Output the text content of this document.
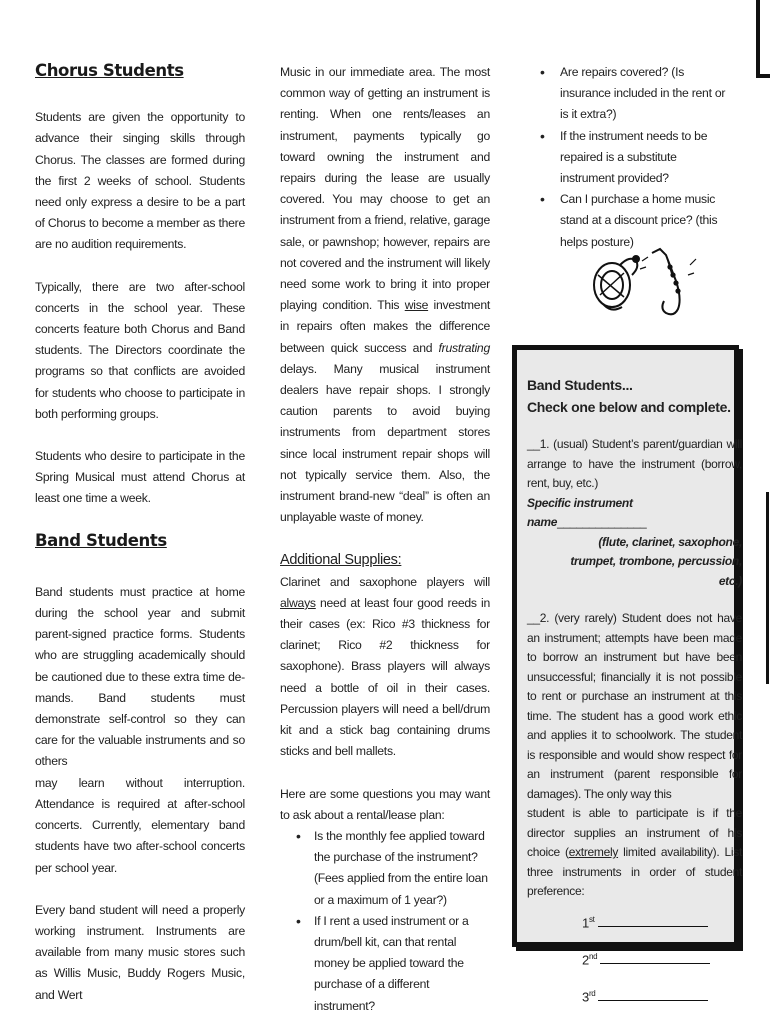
Chorus Students

Students are given the opportunity to advance their singing skills through Chorus. The classes are formed during the first 2 weeks of school. Students need only express a desire to be a part of Chorus to become a member as there are no audition requirements.

Typically, there are two after-school concerts in the school year. These concerts feature both Chorus and Band students. The Directors coordinate the programs so that conflicts are avoided for students who choose to participate in both performing groups.

Students who desire to participate in the Spring Musical must attend Chorus at least one time a week.

Band Students

Band students must practice at home during the school year and submit parent-signed practice forms. Students who are struggling academically should be cautioned due to these extra time de- mands. Band students must demonstrate self-control so they can care for the valuable instruments and so others

may learn without interruption. Attendance is required at after-school concerts. Currently, elementary band students have two after-school concerts per school year.

Every band student will need a properly working instrument. Instruments are available from many music stores such as Willis Music, Buddy Rogers Music, and Wert

Music in our immediate area. The most common way of getting an instrument is renting. When one rents/leases an instrument, payments typically go toward owning the instrument and repairs during the lease are usually covered. You may choose to get an instrument from a friend, relative, garage sale, or pawnshop; however, repairs are not covered and the instrument will likely need some work to bring it into proper playing condition. This wise investment in repairs often makes the difference between quick success and frustrating delays. Many musical instrument dealers have repair shops. I strongly caution parents to avoid buying instruments from department stores since local instrument repair shops will not typically service them. Also, the instrument brand-new “deal” is often an unplayable waste of money.

Additional Supplies:

Clarinet and saxophone players will always need at least four good reeds in their cases (ex: Rico #3 thickness for clarinet; Rico #2 thickness for saxophone). Brass players will always need a bottle of oil in their cases. Percussion players will need a bell/drum kit and a stick bag containing drums sticks and bell mallets.

Here are some questions you may want to ask about a rental/lease plan:

• Is the monthly fee applied toward the purchase of the instrument?
(Fees applied from the entire loan or a maximum of 1 year?)
• If I rent a used instrument or a drum/bell kit, can that rental money be applied toward the purchase of a different instrument?
• Are repairs covered? (Is insurance included in the rent or is it extra?)
• If the instrument needs to be repaired is a substitute instrument provided?
• Can I purchase a home music stand at a discount price? (this helps posture)

Band Students...

Check one below and complete.

__1. (usual) Student’s parent/guardian will arrange to have the instrument (borrow, rent, buy, etc.)

Specific instrument name______________

(flute, clarinet, saxophone, trumpet, trombone, percussion, etc.)

__2. (very rarely) Student does not have an instrument; attempts have been made to borrow an instrument but have been unsuccessful; financially it is not possible to rent or purchase an instrument at this time. The student has a good work ethic and applies it to schoolwork. The student is responsible and would show respect for an instrument (parent responsible for damages). The only way this

student is able to participate is if the director supplies an instrument of his choice (extremely limited availability). List three instruments in order of student preference:

1st

2nd

3rd
